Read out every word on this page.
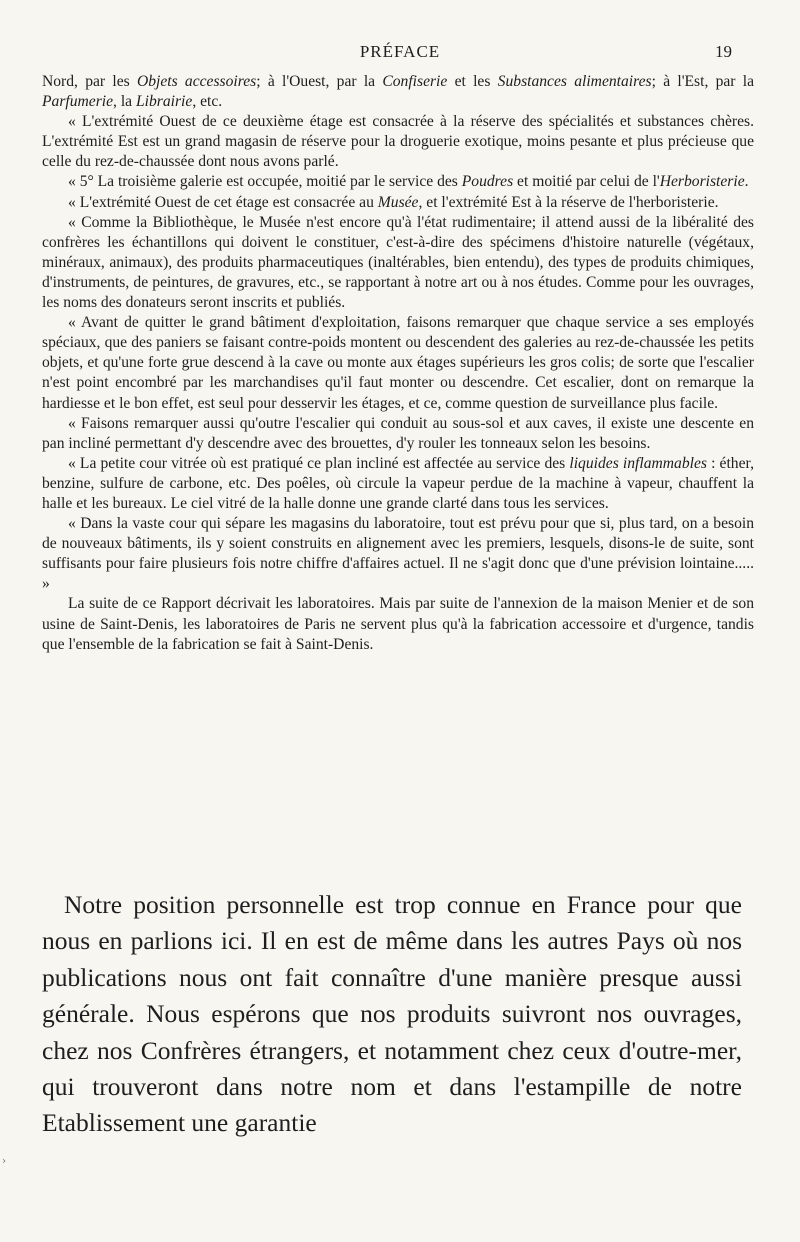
PRÉFACE	19

Nord, par les Objets accessoires; à l'Ouest, par la Confiserie et les Substances alimentaires; à l'Est, par la Parfumerie, la Librairie, etc.

« L'extrémité Ouest de ce deuxième étage est consacrée à la réserve des spécialités et substances chères. L'extrémité Est est un grand magasin de réserve pour la droguerie exotique, moins pesante et plus précieuse que celle du rez-de-chaussée dont nous avons parlé.

« 5° La troisième galerie est occupée, moitié par le service des Poudres et moitié par celui de l'Herboristerie.

« L'extrémité Ouest de cet étage est consacrée au Musée, et l'extrémité Est à la réserve de l'herboristerie.

« Comme la Bibliothèque, le Musée n'est encore qu'à l'état rudimentaire; il attend aussi de la libéralité des confrères les échantillons qui doivent le constituer, c'est-à-dire des spécimens d'histoire naturelle (végétaux, minéraux, animaux), des produits pharmaceutiques (inaltérables, bien entendu), des types de produits chimiques, d'instruments, de peintures, de gravures, etc., se rapportant à notre art ou à nos études. Comme pour les ouvrages, les noms des donateurs seront inscrits et publiés.

« Avant de quitter le grand bâtiment d'exploitation, faisons remarquer que chaque service a ses employés spéciaux, que des paniers se faisant contre-poids montent ou descendent des galeries au rez-de-chaussée les petits objets, et qu'une forte grue descend à la cave ou monte aux étages supérieurs les gros colis; de sorte que l'escalier n'est point encombré par les marchandises qu'il faut monter ou descendre. Cet escalier, dont on remarque la hardiesse et le bon effet, est seul pour desservir les étages, et ce, comme question de surveillance plus facile.

« Faisons remarquer aussi qu'outre l'escalier qui conduit au sous-sol et aux caves, il existe une descente en pan incliné permettant d'y descendre avec des brouettes, d'y rouler les tonneaux selon les besoins.

« La petite cour vitrée où est pratiqué ce plan incliné est affectée au service des liquides inflammables : éther, benzine, sulfure de carbone, etc. Des poêles, où circule la vapeur perdue de la machine à vapeur, chauffent la halle et les bureaux. Le ciel vitré de la halle donne une grande clarté dans tous les services.

« Dans la vaste cour qui sépare les magasins du laboratoire, tout est prévu pour que si, plus tard, on a besoin de nouveaux bâtiments, ils y soient construits en alignement avec les premiers, lesquels, disons-le de suite, sont suffisants pour faire plusieurs fois notre chiffre d'affaires actuel. Il ne s'agit donc que d'une prévision lointaine..... »

La suite de ce Rapport décrivait les laboratoires. Mais par suite de l'annexion de la maison Menier et de son usine de Saint-Denis, les laboratoires de Paris ne servent plus qu'à la fabrication accessoire et d'urgence, tandis que l'ensemble de la fabrication se fait à Saint-Denis.

Notre position personnelle est trop connue en France pour que nous en parlions ici. Il en est de même dans les autres Pays où nos publications nous ont fait connaître d'une manière presque aussi générale. Nous espérons que nos produits suivront nos ouvrages, chez nos Confrères étrangers, et notamment chez ceux d'outre-mer, qui trouveront dans notre nom et dans l'estampille de notre Etablissement une garantie

›
